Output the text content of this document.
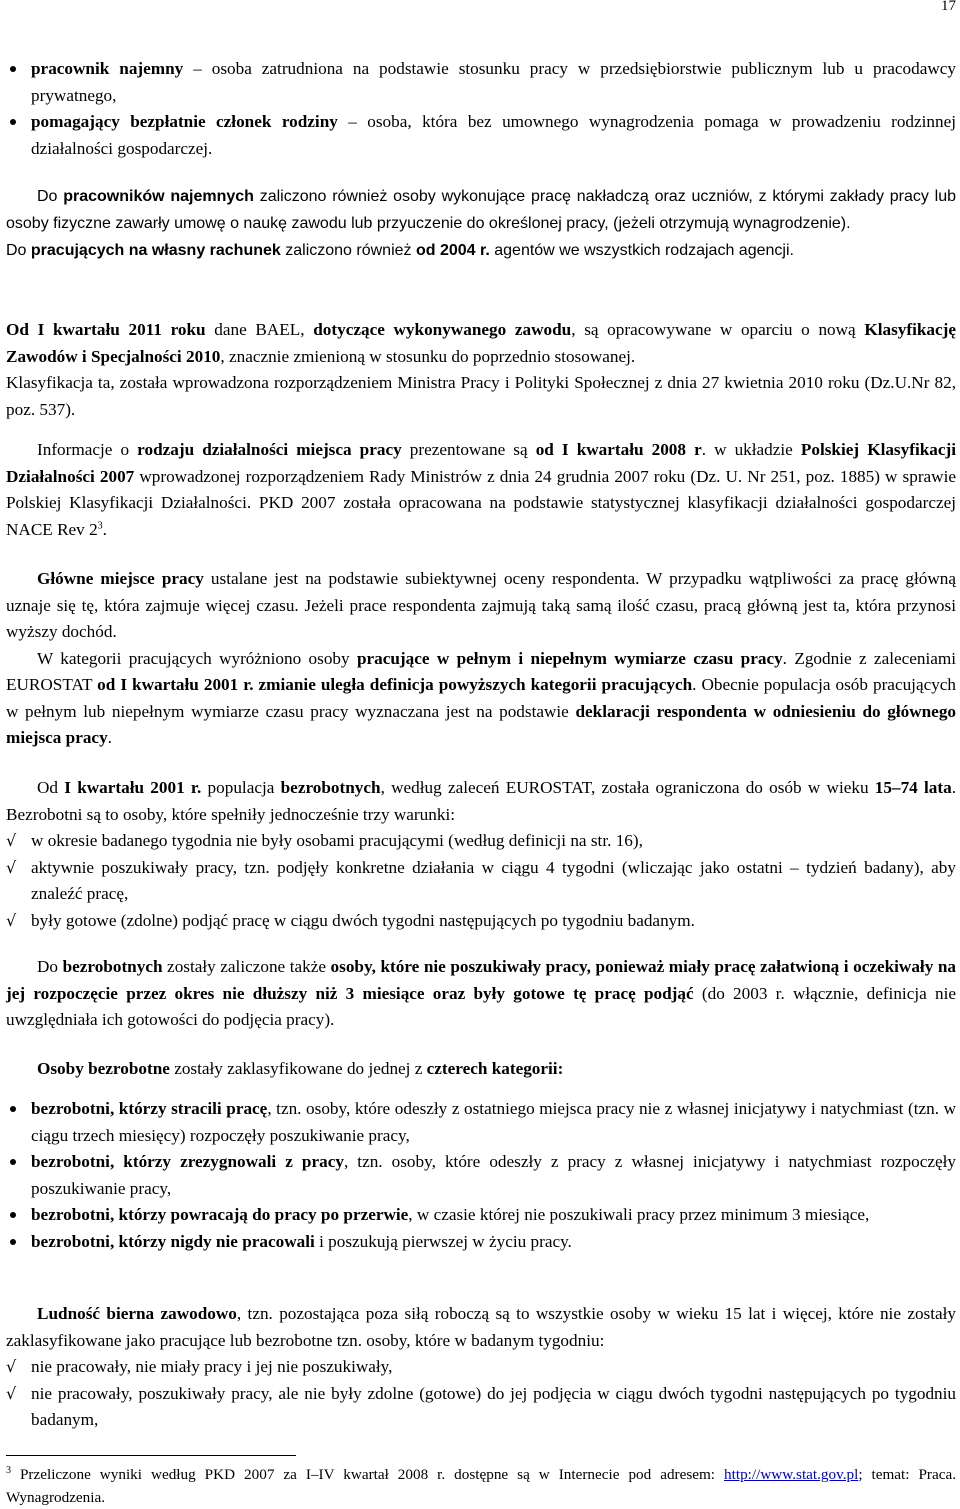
17
pracownik najemny – osoba zatrudniona na podstawie stosunku pracy w przedsiębiorstwie publicznym lub u pracodawcy prywatnego,
pomagający bezpłatnie członek rodziny – osoba, która bez umownego wynagrodzenia pomaga w prowadzeniu rodzinnej działalności gospodarczej.

Do pracowników najemnych zaliczono również osoby wykonujące pracę nakładczą oraz uczniów, z którymi zakłady pracy lub osoby fizyczne zawarły umowę o naukę zawodu lub przyuczenie do określonej pracy, (jeżeli otrzymują wynagrodzenie).

Do pracujących na własny rachunek zaliczono również od 2004 r. agentów we wszystkich rodzajach agencji.

Od I kwartału 2011 roku dane BAEL, dotyczące wykonywanego zawodu, są opracowywane w oparciu o nową Klasyfikację Zawodów i Specjalności 2010, znacznie zmienioną w stosunku do poprzednio stosowanej.

Klasyfikacja ta, została wprowadzona rozporządzeniem Ministra Pracy i Polityki Społecznej z dnia 27 kwietnia 2010 roku (Dz.U.Nr 82, poz. 537).

Informacje o rodzaju działalności miejsca pracy prezentowane są od I kwartału 2008 r. w układzie Polskiej Klasyfikacji Działalności 2007 wprowadzonej rozporządzeniem Rady Ministrów z dnia 24 grudnia 2007 roku (Dz. U. Nr 251, poz. 1885) w sprawie Polskiej Klasyfikacji Działalności. PKD 2007 została opracowana na podstawie statystycznej klasyfikacji działalności gospodarczej NACE Rev $2^3$.

Główne miejsce pracy ustalane jest na podstawie subiektywnej oceny respondenta. W przypadku wątpliwości za pracę główną uznaje się tę, która zajmuje więcej czasu. Jeżeli prace respondenta zajmują taką samą ilość czasu, pracą główną jest ta, która przynosi wyższy dochód.

W kategorii pracujących wyróżniono osoby pracujące w pełnym i niepełnym wymiarze czasu pracy. Zgodnie z zaleceniami EUROSTAT od I kwartału 2001 r. zmianie uległa definicja powyższych kategorii pracujących. Obecnie populacja osób pracujących w pełnym lub niepełnym wymiarze czasu pracy wyznaczana jest na podstawie deklaracji respondenta w odniesieniu do głównego miejsca pracy.

Od I kwartału 2001 r. populacja bezrobotnych, według zaleceń EUROSTAT, została ograniczona do osób w wieku 15–74 lata. Bezrobotni są to osoby, które spełniły jednocześnie trzy warunki:

√ w okresie badanego tygodnia nie były osobami pracującymi (według definicji na str. 16),
√ aktywnie poszukiwały pracy, tzn. podjęły konkretne działania w ciągu 4 tygodni (wliczając jako ostatni – tydzień badany), aby znaleźć pracę,
√ były gotowe (zdolne) podjąć pracę w ciągu dwóch tygodni następujących po tygodniu badanym.

Do bezrobotnych zostały zaliczone także osoby, które nie poszukiwały pracy, ponieważ miały pracę załatwioną i oczekiwały na jej rozpoczęcie przez okres nie dłuższy niż 3 miesiące oraz były gotowe tę pracę podjąć (do 2003 r. włącznie, definicja nie uwzględniała ich gotowości do podjęcia pracy).

Osoby bezrobotne zostały zaklasyfikowane do jednej z czterech kategorii:

bezrobotni, którzy stracili pracę, tzn. osoby, które odeszły z ostatniego miejsca pracy nie z własnej inicjatywy i natychmiast (tzn. w ciągu trzech miesięcy) rozpoczęły poszukiwanie pracy,
bezrobotni, którzy zrezygnowali z pracy, tzn. osoby, które odeszły z pracy z własnej inicjatywy i natychmiast rozpoczęły poszukiwanie pracy,
bezrobotni, którzy powracają do pracy po przerwie, w czasie której nie poszukiwali pracy przez minimum 3 miesiące,
bezrobotni, którzy nigdy nie pracowali i poszukują pierwszej w życiu pracy.

Ludność bierna zawodowo, tzn. pozostająca poza siłą roboczą są to wszystkie osoby w wieku 15 lat i więcej, które nie zostały zaklasyfikowane jako pracujące lub bezrobotne tzn. osoby, które w badanym tygodniu:

√ nie pracowały, nie miały pracy i jej nie poszukiwały,
√ nie pracowały, poszukiwały pracy, ale nie były zdolne (gotowe) do jej podjęcia w ciągu dwóch tygodni następujących po tygodniu badanym,
$^3$ Przeliczone wyniki według PKD 2007 za I–IV kwartał 2008 r. dostępne są w Internecie pod adresem: http://www.stat.gov.pl; temat: Praca. Wynagrodzenia.
